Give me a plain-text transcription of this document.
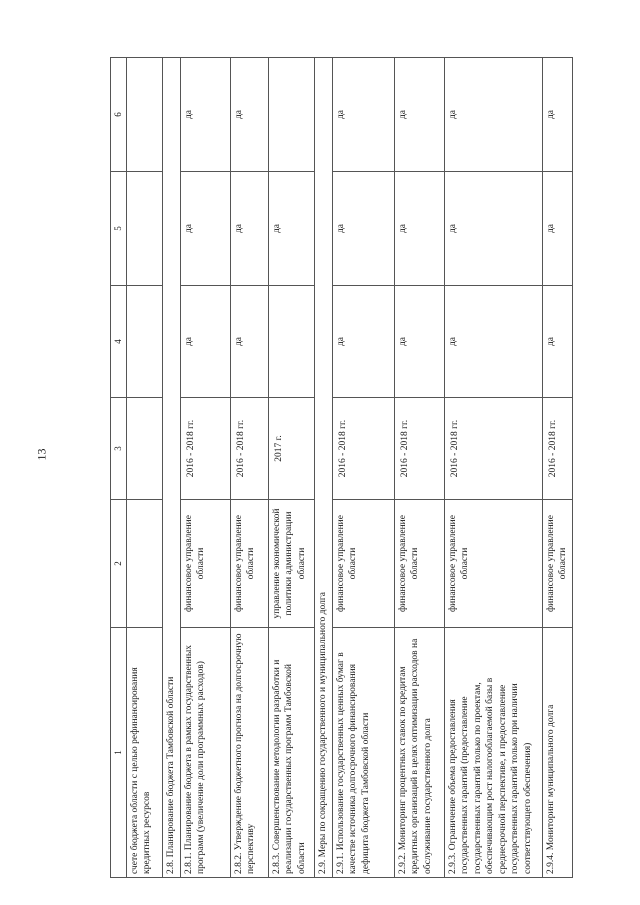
13
1	2	3	4	5	6
счете бюджета области с целью рефинансирования кредитных ресурсов					
2.8. Планирование бюджета Тамбовской области					
2.8.1. Планирование бюджета в рамках государственных программ (увеличение доли программных расходов)	финансовое управление области	2016 - 2018 гг.	да	да	да
2.8.2. Утверждение бюджетного прогноза на долгосрочную перспективу	финансовое управление области	2016 - 2018 гг.	да	да	да
2.8.3. Совершенствование методологии разработки и реализации государственных программ Тамбовской области	управление экономической политики администрации области	2017 г.		да	
2.9. Меры по сокращению государственного и муниципального долга					
2.9.1. Использование государственных ценных бумаг в качестве источника долгосрочного финансирования дефицита бюджета Тамбовской области	финансовое управление области	2016 - 2018 гг.	да	да	да
2.9.2. Мониторинг процентных ставок по кредитам кредитных организаций в целях оптимизации расходов на обслуживание государственного долга	финансовое управление области	2016 - 2018 гг.	да	да	да
2.9.3. Ограничение объема предоставления государственных гарантий (предоставление государственных гарантий только по проектам, обеспечивающим рост налогооблагаемой базы в среднесрочной перспективе, и предоставление государственных гарантий только при наличии соответствующего обеспечения)	финансовое управление области	2016 - 2018 гг.	да	да	да
2.9.4. Мониторинг муниципального долга	финансовое управление области	2016 - 2018 гг.	да	да	да
